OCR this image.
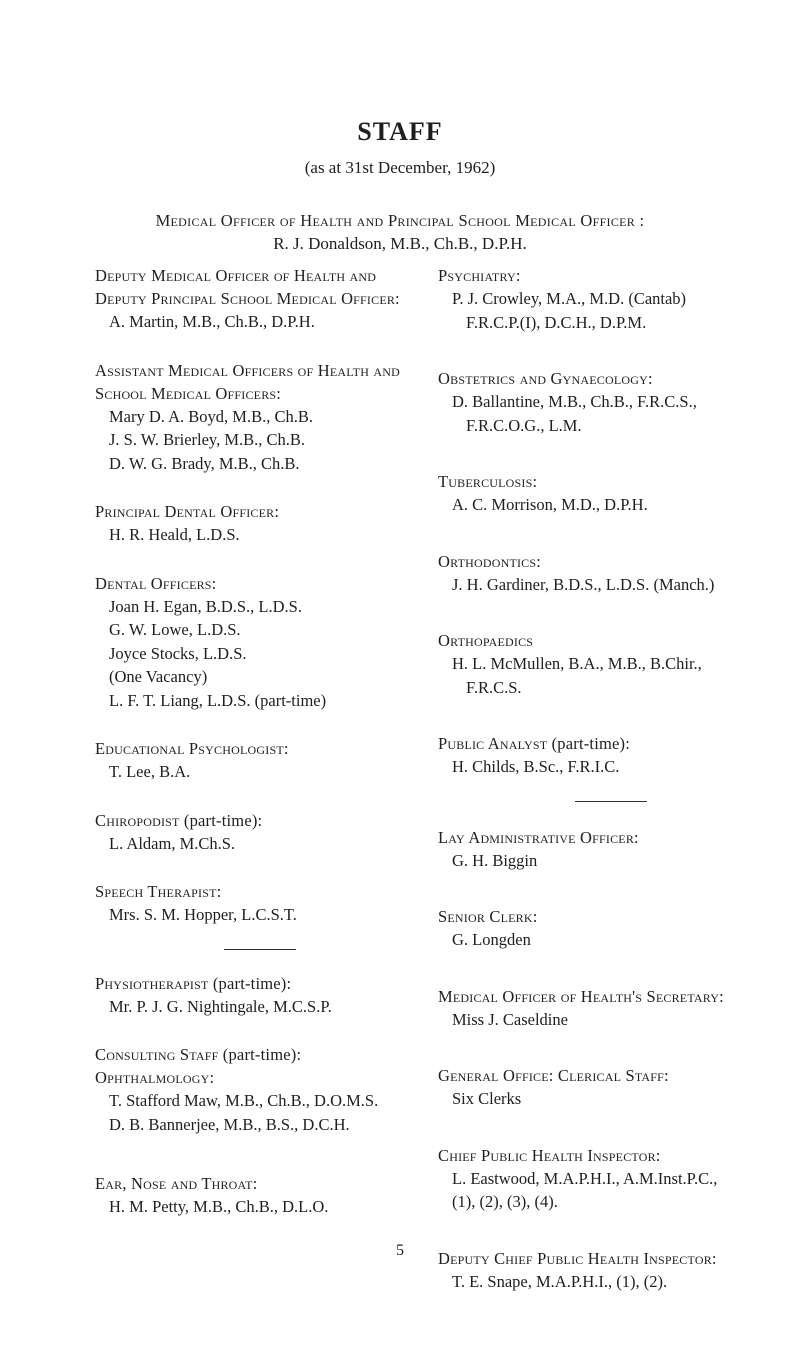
STAFF
(as at 31st December, 1962)
Medical Officer of Health and Principal School Medical Officer :
R. J. Donaldson, M.B., Ch.B., D.P.H.
Deputy Medical Officer of Health and
Deputy Principal School Medical Officer:
A. Martin, M.B., Ch.B., D.P.H.
Assistant Medical Officers of Health and
School Medical Officers:
Mary D. A. Boyd, M.B., Ch.B.
J. S. W. Brierley, M.B., Ch.B.
D. W. G. Brady, M.B., Ch.B.
Principal Dental Officer:
H. R. Heald, L.D.S.
Dental Officers:
Joan H. Egan, B.D.S., L.D.S.
G. W. Lowe, L.D.S.
Joyce Stocks, L.D.S.
(One Vacancy)
L. F. T. Liang, L.D.S. (part-time)
Educational Psychologist:
T. Lee, B.A.
Chiropodist (part-time):
L. Aldam, M.Ch.S.
Speech Therapist:
Mrs. S. M. Hopper, L.C.S.T.
Physiotherapist (part-time):
Mr. P. J. G. Nightingale, M.C.S.P.
Consulting Staff (part-time):
Ophthalmology:
T. Stafford Maw, M.B., Ch.B., D.O.M.S.
D. B. Bannerjee, M.B., B.S., D.C.H.
Ear, Nose and Throat:
H. M. Petty, M.B., Ch.B., D.L.O.
Psychiatry:
P. J. Crowley, M.A., M.D. (Cantab)
F.R.C.P.(I), D.C.H., D.P.M.
Obstetrics and Gynaecology:
D. Ballantine, M.B., Ch.B., F.R.C.S.,
F.R.C.O.G., L.M.
Tuberculosis:
A. C. Morrison, M.D., D.P.H.
Orthodontics:
J. H. Gardiner, B.D.S., L.D.S. (Manch.)
Orthopaedics
H. L. McMullen, B.A., M.B., B.Chir.,
F.R.C.S.
Public Analyst (part-time):
H. Childs, B.Sc., F.R.I.C.
Lay Administrative Officer:
G. H. Biggin
Senior Clerk:
G. Longden
Medical Officer of Health's Secretary:
Miss J. Caseldine
General Office: Clerical Staff:
Six Clerks
Chief Public Health Inspector:
L. Eastwood, M.A.P.H.I., A.M.Inst.P.C.,
(1), (2), (3), (4).
Deputy Chief Public Health Inspector:
T. E. Snape, M.A.P.H.I., (1), (2).
5
